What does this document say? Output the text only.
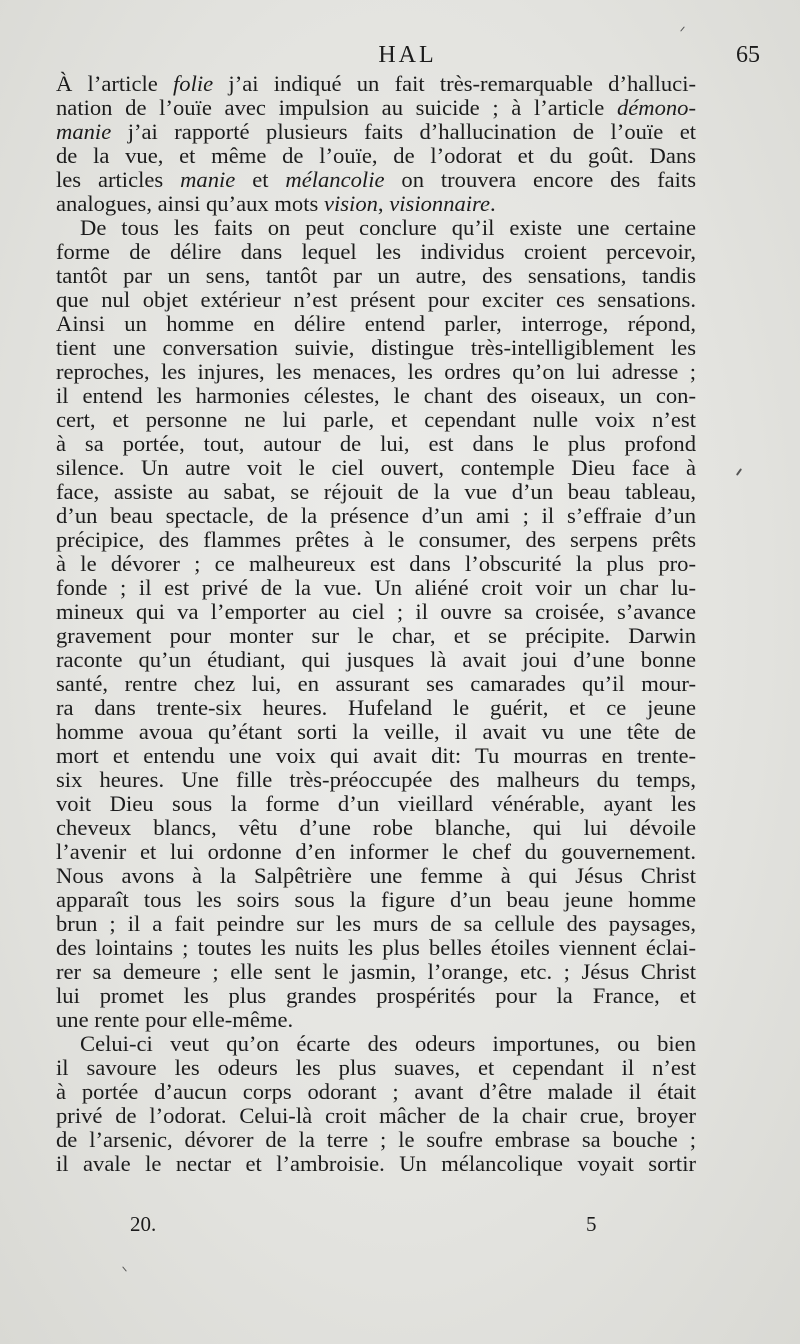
HAL	65
À l’article folie j’ai indiqué un fait très-remarquable d’halluci-
nation de l’ouïe avec impulsion au suicide ; à l’article démono-
manie j’ai rapporté plusieurs faits d’hallucination de l’ouïe et
de la vue, et même de l’ouïe, de l’odorat et du goût. Dans
les articles manie et mélancolie on trouvera encore des faits
analogues, ainsi qu’aux mots vision, visionnaire.
De tous les faits on peut conclure qu’il existe une certaine
forme de délire dans lequel les individus croient percevoir,
tantôt par un sens, tantôt par un autre, des sensations, tandis
que nul objet extérieur n’est présent pour exciter ces sensations.
Ainsi un homme en délire entend parler, interroge, répond,
tient une conversation suivie, distingue très-intelligiblement les
reproches, les injures, les menaces, les ordres qu’on lui adresse ;
il entend les harmonies célestes, le chant des oiseaux, un con-
cert, et personne ne lui parle, et cependant nulle voix n’est
à sa portée, tout, autour de lui, est dans le plus profond
silence. Un autre voit le ciel ouvert, contemple Dieu face à
face, assiste au sabat, se réjouit de la vue d’un beau tableau,
d’un beau spectacle, de la présence d’un ami ; il s’effraie d’un
précipice, des flammes prêtes à le consumer, des serpens prêts
à le dévorer ; ce malheureux est dans l’obscurité la plus pro-
fonde ; il est privé de la vue. Un aliéné croit voir un char lu-
mineux qui va l’emporter au ciel ; il ouvre sa croisée, s’avance
gravement pour monter sur le char, et se précipite. Darwin
raconte qu’un étudiant, qui jusques là avait joui d’une bonne
santé, rentre chez lui, en assurant ses camarades qu’il mour-
ra dans trente-six heures. Hufeland le guérit, et ce jeune
homme avoua qu’étant sorti la veille, il avait vu une tête de
mort et entendu une voix qui avait dit: Tu mourras en trente-
six heures. Une fille très-préoccupée des malheurs du temps,
voit Dieu sous la forme d’un vieillard vénérable, ayant les
cheveux blancs, vêtu d’une robe blanche, qui lui dévoile
l’avenir et lui ordonne d’en informer le chef du gouvernement.
Nous avons à la Salpêtrière une femme à qui Jésus Christ
apparaît tous les soirs sous la figure d’un beau jeune homme
brun ; il a fait peindre sur les murs de sa cellule des paysages,
des lointains ; toutes les nuits les plus belles étoiles viennent éclai-
rer sa demeure ; elle sent le jasmin, l’orange, etc. ; Jésus Christ
lui promet les plus grandes prospérités pour la France, et
une rente pour elle-même.
Celui-ci veut qu’on écarte des odeurs importunes, ou bien
il savoure les odeurs les plus suaves, et cependant il n’est
à portée d’aucun corps odorant ; avant d’être malade il était
privé de l’odorat. Celui-là croit mâcher de la chair crue, broyer
de l’arsenic, dévorer de la terre ; le soufre embrase sa bouche ;
il avale le nectar et l’ambroisie. Un mélancolique voyait sortir
20.	5
